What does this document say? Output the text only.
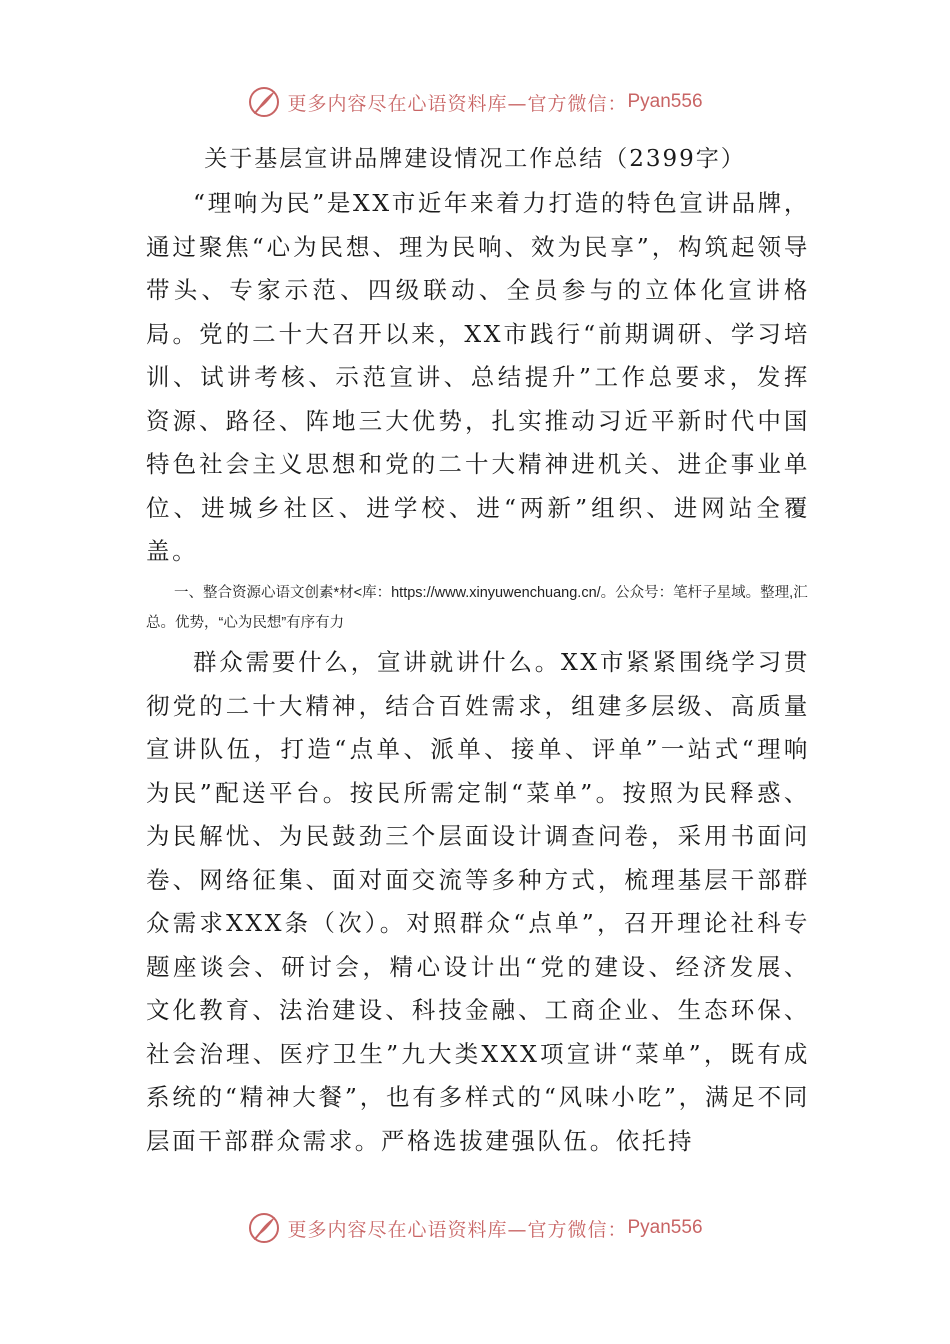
更多内容尽在心语资料库—官方微信： Pyan556
关于基层宣讲品牌建设情况工作总结（2399字）

“理响为民”是XX市近年来着力打造的特色宣讲品牌，通过聚焦“心为民想、理为民响、效为民享”，构筑起领导带头、专家示范、四级联动、全员参与的立体化宣讲格局。党的二十大召开以来，XX市践行“前期调研、学习培训、试讲考核、示范宣讲、总结提升”工作总要求，发挥资源、路径、阵地三大优势，扎实推动习近平新时代中国特色社会主义思想和党的二十大精神进机关、进企事业单位、进城乡社区、进学校、进“两新”组织、进网站全覆盖。

一、整合资源心语文创素*材<库：https://www.xinyuwenchuang.cn/。公众号：笔杆子星域。整理,汇总。优势，“心为民想”有序有力

群众需要什么，宣讲就讲什么。XX市紧紧围绕学习贯彻党的二十大精神，结合百姓需求，组建多层级、高质量宣讲队伍，打造“点单、派单、接单、评单”一站式“理响为民”配送平台。按民所需定制“菜单”。按照为民释惑、为民解忧、为民鼓劲三个层面设计调查问卷，采用书面问卷、网络征集、面对面交流等多种方式，梳理基层干部群众需求XXX条（次）。对照群众“点单”，召开理论社科专题座谈会、研讨会，精心设计出“党的建设、经济发展、文化教育、法治建设、科技金融、工商企业、生态环保、社会治理、医疗卫生”九大类XXX项宣讲“菜单”，既有成系统的“精神大餐”，也有多样式的“风味小吃”，满足不同层面干部群众需求。严格选拔建强队伍。依托持

更多内容尽在心语资料库—官方微信： Pyan556
